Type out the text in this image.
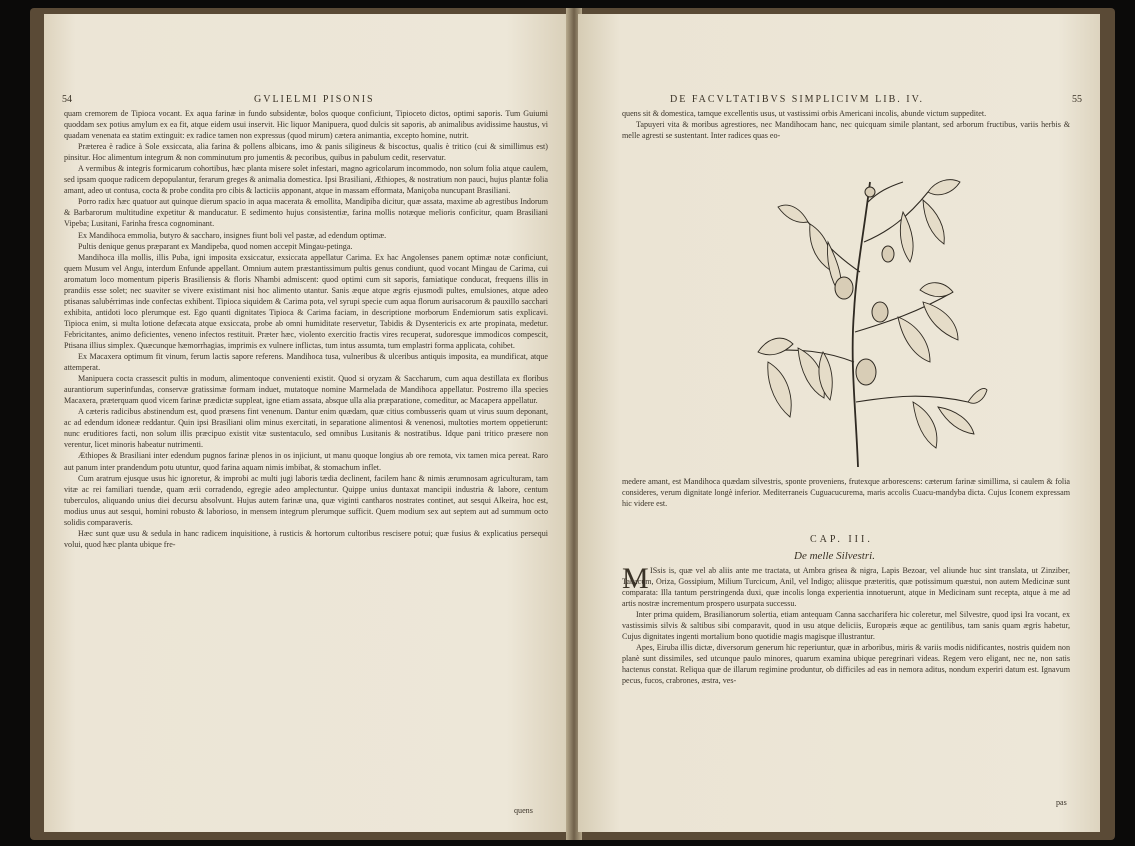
54	GVLIELMI PISONIS

quam cremorem de Tipioca vocant. Ex aqua farinæ in fundo subsidentæ, bolos quoque conficiunt, Tipioceto dictos, optimi saporis. Tum Guiumi quoddam sex potius amylum ex ea fit, atque eidem usui inservit. Hic liquor Manipuera, quod dulcis sit saporis, ab animalibus avidissime haustus, vi quadam venenata ea statim extinguit: ex radice tamen non expressus (quod mirum) cætera animantia, excepto homine, nutrit.

Præterea è radice à Sole exsiccata, alia farina & pollens albicans, imo & panis siligineus & biscoctus, qualis è tritico (cui & simillimus est) pinsitur. Hoc alimentum integrum & non comminutum pro jumentis & pecoribus, quibus in pabulum cedit, reservatur.

A vermibus & integris formicarum cohortibus, hæc planta misere solet infestari, magno agricolarum incommodo, non solum folia atque caulem, sed ipsam quoque radicem depopulantur, ferarum greges & animalia domestica. Ipsi Brasiliani, Æthiopes, & nostratium non pauci, hujus plantæ folia amant, adeo ut contusa, cocta & probe condita pro cibis & lacticiis apponant, atque in massam efformata, Maniçoba nuncupant Brasiliani.

Porro radix hæc quatuor aut quinque dierum spacio in aqua macerata & emollita, Mandipiba dicitur, quæ assata, maxime ab agrestibus Indorum & Barbarorum multitudine expetitur & manducatur. E sedimento hujus consistentiæ, farina mollis notæque melioris conficitur, quam Brasiliani Vipeba; Lusitani, Farinha fresca cognominant.

Ex Mandihoca emmolia, butyro & saccharo, insignes fiunt boli vel pastæ, ad edendum optimæ.

Pultis denique genus præparant ex Mandipeba, quod nomen accepit Mingau-petinga.

Mandihoca illa mollis, illis Puba, igni imposita exsiccatur, exsiccata appellatur Carima. Ex hac Angolenses panem optimæ notæ conficiunt, quem Musum vel Angu, interdum Enfunde appellant. Omnium autem præstantissimum pultis genus condiunt, quod vocant Mingau de Carima, cui aromatum loco momentum piperis Brasiliensis & floris Nhambi admiscent: quod optimi cum sit saporis, famiatique conducat, frequens illis in prandiis esse solet; nec suaviter se vivere existimant nisi hoc alimento utantur. Sanis æque atque ægris ejusmodi pultes, emulsiones, atque adeo ptisanas salubérrimas inde confectas exhibent. Tipioca siquidem & Carima pota, vel syrupi specie cum aqua florum aurisacorum & pauxillo sacchari exhibita, antidoti loco plerumque est. Ego quanti dignitates Tipioca & Carima faciam, in descriptione morborum Endemiorum satis explicavi. Tipioca enim, si multa lotione defæcata atque exsiccata, probe ab omni humiditate reservetur, Tabidis & Dysentericis ex arte propinata, medetur. Febricitantes, animo deficientes, veneno infectos restituit. Præter hæc, violento exercitio fractis vires recuperat, sudoresque immodicos compescit, Ptisana illius simplex. Quæcunque hæmorrhagias, imprimis ex vulnere inflictas, tum intus assumta, tum emplastri forma applicata, cohibet.

Ex Macaxera optimum fit vinum, ferum lactis sapore referens. Mandihoca tusa, vulneribus & ulceribus antiquis imposita, ea mundificat, atque attemperat.

Manipuera cocta crassescit pultis in modum, alimentoque convenienti existit. Quod si oryzam & Saccharum, cum aqua destillata ex floribus aurantiorum superinfundas, conservæ gratissimæ formam induet, mutatoque nomine Marmelada de Mandihoca appellatur. Postremo illa species Macaxera, præterquam quod vicem farinæ prædictæ suppleat, igne etiam assata, absque ulla alia præparatione, comeditur, ac Macapera appellatur.

A cæteris radicibus abstinendum est, quod præsens fint venenum. Dantur enim quædam, quæ citius combusseris quam ut virus suum deponant, ac ad edendum idoneæ reddantur. Quin ipsi Brasiliani olim minus exercitati, in separatione alimentosi & venenosi, multoties mortem oppetierunt: nunc eruditiores facti, non solum illis præcipuo existit vitæ sustentaculo, sed omnibus Lusitanis & nostratibus. Idque pani tritico præsere non verentur, licet minoris habeatur nutrimenti.

Æthiopes & Brasiliani inter edendum pugnos farinæ plenos in os injiciunt, ut manu quoque longius ab ore remota, vix tamen mica pereat. Raro aut panum inter prandendum potu utuntur, quod farina aquam nimis imbibat, & stomachum inflet.

Cum aratrum ejusque usus hic ignoretur, & improbi ac multi jugi laboris tædia declinent, facilem hanc & nimis ærumnosam agriculturam, tam vitæ ac rei familiari tuendæ, quam ærii corradendo, egregie adeo amplectuntur. Quippe unius duntaxat mancipii industria & labore, centum tuberculos, aliquando unius diei decursu absolvunt. Hujus autem farinæ una, quæ viginti cantharos nostrates continet, aut sesqui Alkeira, hoc est, modius unus aut sesqui, homini robusto & laborioso, in mensem integrum plerumque sufficit. Quem modium sex aut septem aut ad summum octo solidis comparaveris.

Hæc sunt quæ usu & sedula in hanc radicem inquisitione, à rusticis & hortorum cultoribus rescisere potui; quæ fusius & explicatius persequi volui, quod hæc planta ubique fre-

quens
DE FACVLTATIBVS SIMPLICIVM LIB. IV.	55

quens sit & domestica, tamque excellentis usus, ut vastissimi orbis Americani incolis, abunde victum suppeditet.

Tapuyeri vita & moribus agrestiores, nec Mandihocam hanc, nec quicquam simile plantant, sed arborum fructibus, variis herbis & melle agresti se sustentant. Inter radices quas eo-

medere amant, est Mandihoca quædam silvestris, sponte proveniens, frutexque arborescens: cæterum farinæ simillima, si caulem & folia consideres, verum dignitate longè inferior. Mediterraneis Cuguacucurema, maris accolis Cuacu-mandyba dicta. Cujus Iconem expressam hic videre est.

CAP. III.
De melle Silvestri.
M ISsis is, quæ vel ab aliis ante me tractata, ut Ambra grisea & nigra, Lapis Bezoar, vel aliunde huc sint translata, ut Zinziber, Tabacum, Oriza, Gossipium, Milium Turcicum, Anil, vel Indigo; aliisque præteritis, quæ potissimum quæstui, non autem Medicinæ sunt comparata: Illa tantum perstringenda duxi, quæ incolis longa experientia innotuerunt, atque in Medicinam sunt recepta, atque à me ad artis nostræ incrementum prospero usurpata successu.

Inter prima quidem, Brasilianorum solertia, etiam antequam Canna saccharifera hic coleretur, mel Silvestre, quod ipsi Ira vocant, ex vastissimis silvis & saltibus sibi comparavit, quod in usu atque deliciis, Europæis æque ac gentilibus, tam sanis quam ægris habetur, Cujus dignitates ingenti mortalium bono quotidie magis magisque illustrantur.

Apes, Eiruba illis dictæ, diversorum generum hic reperiuntur, quæ in arboribus, miris & variis modis nidificantes, nostris quidem non planè sunt dissimiles, sed utcunque paulo minores, quarum examina ubique peregrinari videas. Regem vero eligant, nec ne, non satis hactenus constat. Reliqua quæ de illarum regimine produntur, ob difficiles ad eas in nemora aditus, nondum experiri datum est. Ignavum pecus, fucos, crabrones, æstra, ves-

pas
